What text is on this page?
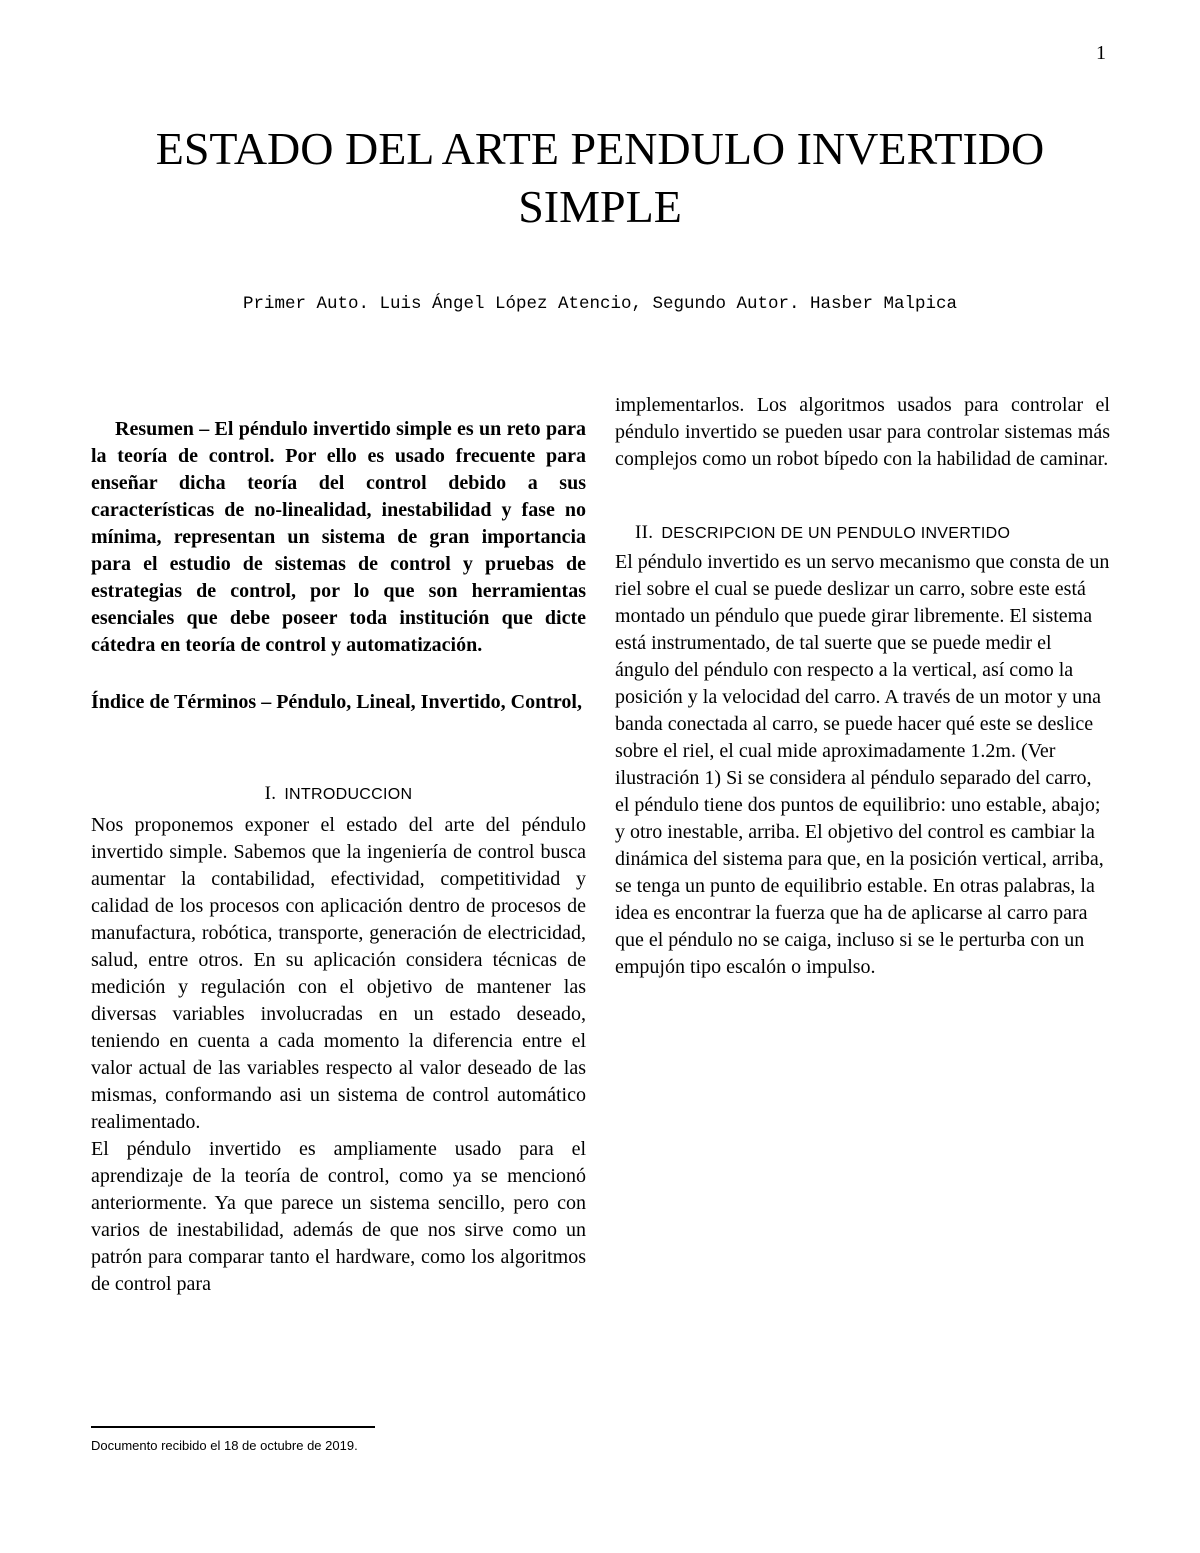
1
ESTADO DEL ARTE PENDULO INVERTIDO SIMPLE
Primer Auto. Luis Ángel López Atencio, Segundo Autor. Hasber Malpica

Resumen – El péndulo invertido simple es un reto para la teoría de control. Por ello es usado frecuente para enseñar dicha teoría del control debido a sus características de no-linealidad, inestabilidad y fase no mínima, representan un sistema de gran importancia para el estudio de sistemas de control y pruebas de estrategias de control, por lo que son herramientas esenciales que debe poseer toda institución que dicte cátedra en teoría de control y automatización.

Índice de Términos – Péndulo, Lineal, Invertido, Control,

I. INTRODUCCION

Nos proponemos exponer el estado del arte del péndulo invertido simple. Sabemos que la ingeniería de control busca aumentar la contabilidad, efectividad, competitividad y calidad de los procesos con aplicación dentro de procesos de manufactura, robótica, transporte, generación de electricidad, salud, entre otros. En su aplicación considera técnicas de medición y regulación con el objetivo de mantener las diversas variables involucradas en un estado deseado, teniendo en cuenta a cada momento la diferencia entre el valor actual de las variables respecto al valor deseado de las mismas, conformando asi un sistema de control automático realimentado.

El péndulo invertido es ampliamente usado para el aprendizaje de la teoría de control, como ya se mencionó anteriormente. Ya que parece un sistema sencillo, pero con varios de inestabilidad, además de que nos sirve como un patrón para comparar tanto el hardware, como los algoritmos de control para

implementarlos. Los algoritmos usados para controlar el péndulo invertido se pueden usar para controlar sistemas más complejos como un robot bípedo con la habilidad de caminar.

II. DESCRIPCION DE UN PENDULO INVERTIDO

El péndulo invertido es un servo mecanismo que consta de un riel sobre el cual se puede deslizar un carro, sobre este está montado un péndulo que puede girar libremente. El sistema está instrumentado, de tal suerte que se puede medir el ángulo del péndulo con respecto a la vertical, así como la posición y la velocidad del carro. A través de un motor y una banda conectada al carro, se puede hacer qué este se deslice sobre el riel, el cual mide aproximadamente 1.2m. (Ver ilustración 1) Si se considera al péndulo separado del carro, el péndulo tiene dos puntos de equilibrio: uno estable, abajo; y otro inestable, arriba. El objetivo del control es cambiar la dinámica del sistema para que, en la posición vertical, arriba, se tenga un punto de equilibrio estable. En otras palabras, la idea es encontrar la fuerza que ha de aplicarse al carro para que el péndulo no se caiga, incluso si se le perturba con un empujón tipo escalón o impulso.

Documento recibido el 18 de octubre de 2019.
